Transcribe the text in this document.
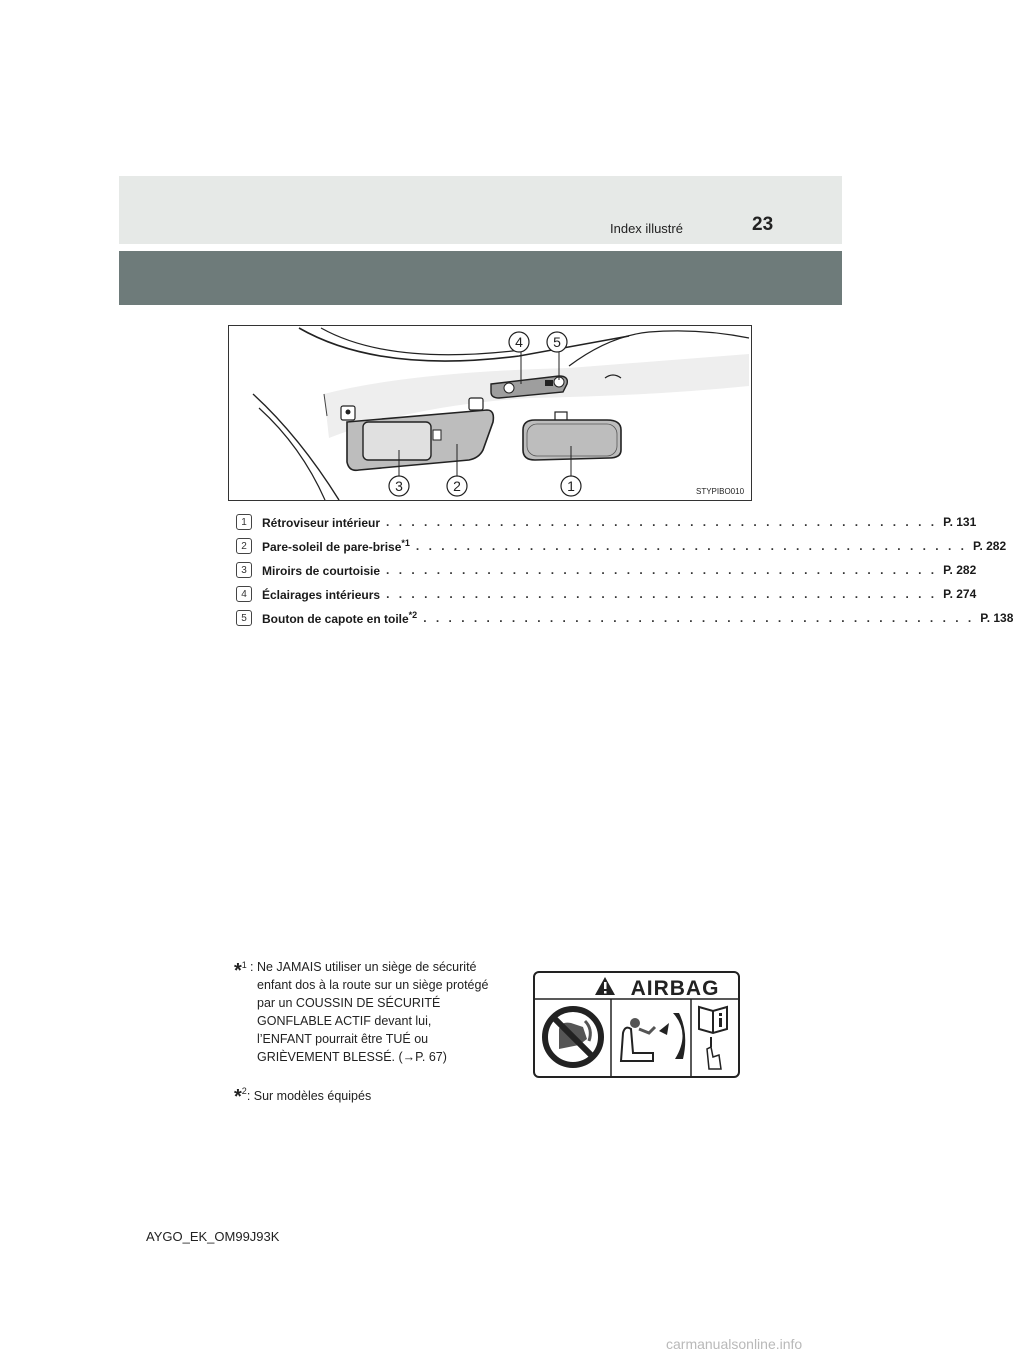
Index illustré	23
4 5
3	2	1	STYPIBO010
1	Rétroviseur intérieur . . . . . . . . . . . . . . . . . . . . . . . . . . . . . . . . . . . . . . . . . . . . P. 131
2	Pare-soleil de pare-brise$^{*1}$ . . . . . . . . . . . . . . . . . . . . . . . . . . . . . . . . . . . . . . . . . . . . P. 282
3	Miroirs de courtoisie . . . . . . . . . . . . . . . . . . . . . . . . . . . . . . . . . . . . . . . . . . . . P. 282
4	Éclairages intérieurs . . . . . . . . . . . . . . . . . . . . . . . . . . . . . . . . . . . . . . . . . . . . P. 274
5	Bouton de capote en toile$^{*2}$ . . . . . . . . . . . . . . . . . . . . . . . . . . . . . . . . . . . . . . . . . . . . P. 138
*$^1$ : Ne JAMAIS utiliser un siège de sécurité
enfant dos à la route sur un siège protégé
par un COUSSIN DE SÉCURITÉ
GONFLABLE ACTIF devant lui,
l’ENFANT pourrait être TUÉ ou
GRIÈVEMENT BLESSÉ. (→P. 67)
*$^2$: Sur modèles équipés
AIRBAG
AYGO_EK_OM99J93K
carmanualsonline.info
